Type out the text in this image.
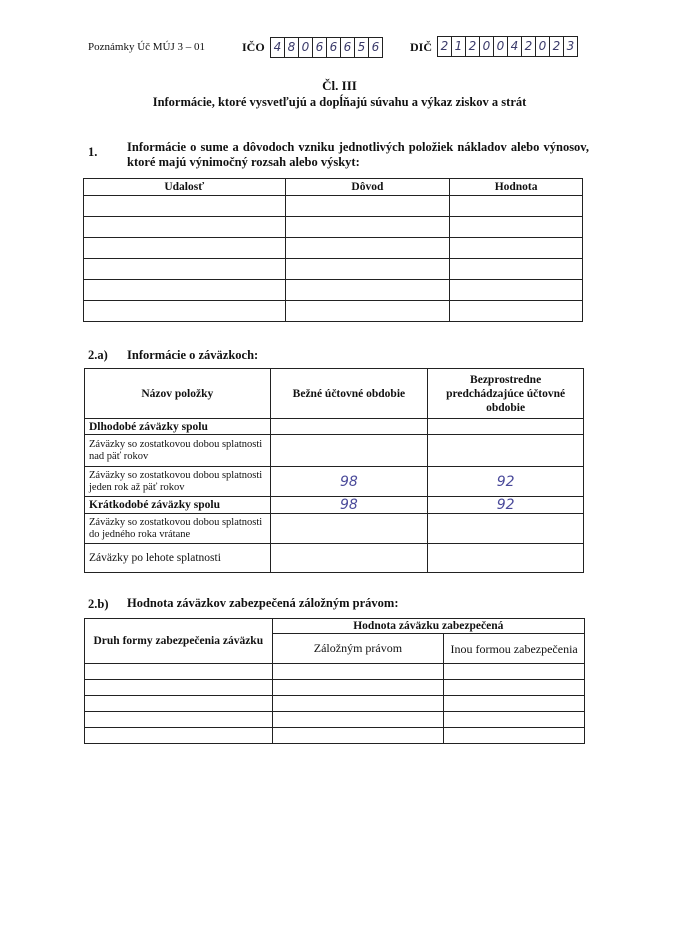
Poznámky Úč MÚJ 3 – 01	IČO 4 8 0 6 6 6 5 6	DIČ 2 1 2 0 0 4 2 0 2 3
Čl. III
Informácie, ktoré vysvetľujú a dopĺňajú súvahu a výkaz ziskov a strát
1. Informácie o sume a dôvodoch vzniku jednotlivých položiek nákladov alebo výnosov, ktoré majú výnimočný rozsah alebo výskyt:
Udalosť	Dôvod	Hodnota

2.a) Informácie o záväzkoch:
Názov položky	Bežné účtovné obdobie	Bezprostredne predchádzajúce účtovné obdobie
Dlhodobé záväzky spolu		
Záväzky so zostatkovou dobou splatnosti nad päť rokov		
Záväzky so zostatkovou dobou splatnosti jeden rok až päť rokov	98	92
Krátkodobé záväzky spolu	98	92
Záväzky so zostatkovou dobou splatnosti do jedného roka vrátane		
Záväzky po lehote splatnosti		
2.b) Hodnota záväzkov zabezpečená záložným právom:
Druh formy zabezpečenia záväzku	Hodnota záväzku zabezpečená	
	Záložným právom	Inou formou zabezpečenia
